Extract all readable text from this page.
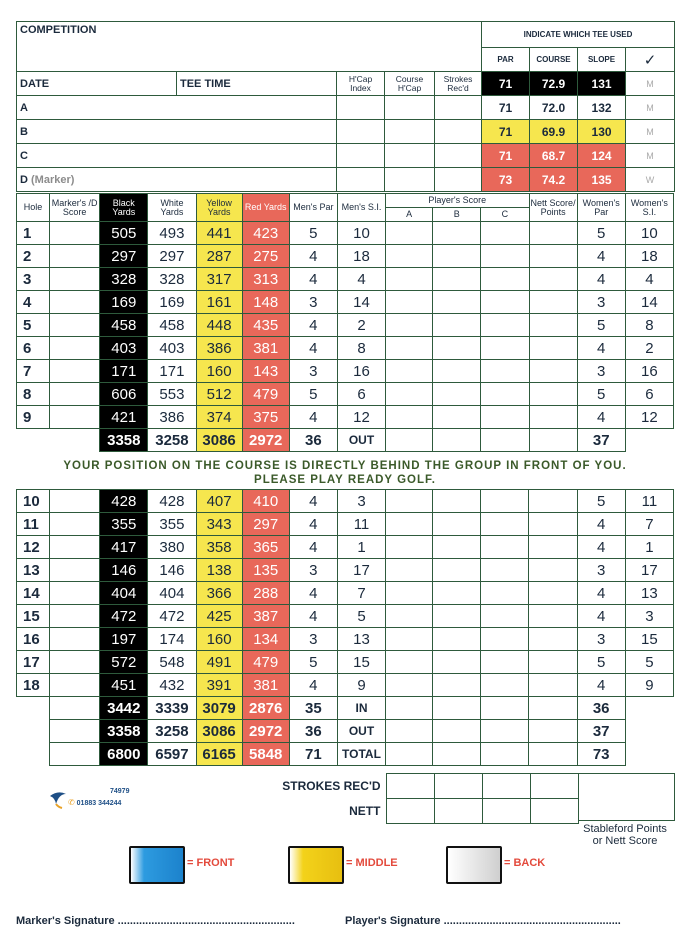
COMPETITION					INDICATE WHICH TEE USED			
					PAR	COURSE	SLOPE	✓
DATE	TEE TIME	H'Cap Index	Course H'Cap	Strokes Rec'd	71	72.9	131	M
A					71	72.0	132	M
B					71	69.9	130	M
C					71	68.7	124	M
D (Marker)					73	74.2	135	W
Hole	Marker's /D Score	Black Yards	White Yards	Yellow Yards	Red Yards	Men's Par	Men's S.I.	Player's Score			Nett Score/ Points	Women's Par	Women's S.I.
								A	B	C			
1		505	493	441	423	5	10					5	10
2		297	297	287	275	4	18					4	18
3		328	328	317	313	4	4					4	4
4		169	169	161	148	3	14					3	14
5		458	458	448	435	4	2					5	8
6		403	403	386	381	4	8					4	2
7		171	171	160	143	3	16					3	16
8		606	553	512	479	5	6					5	6
9		421	386	374	375	4	12					4	12
		3358	3258	3086	2972	36	OUT					37	
YOUR POSITION ON THE COURSE IS DIRECTLY BEHIND THE GROUP IN FRONT OF YOU.
PLEASE PLAY READY GOLF.
10		428	428	407	410	4	3					5	11
11		355	355	343	297	4	11					4	7
12		417	380	358	365	4	1					4	1
13		146	146	138	135	3	17					3	17
14		404	404	366	288	4	7					4	13
15		472	472	425	387	4	5					4	3
16		197	174	160	134	3	13					3	15
17		572	548	491	479	5	15					5	5
18		451	432	391	381	4	9					4	9
		3442	3339	3079	2876	35	IN					36	
		3358	3258	3086	2972	36	OUT					37	
		6800	6597	6165	5848	71	TOTAL					73	
STROKES REC'D				
NETT				
Stableford Points
or Nett Score
74979
✆ 01883 344244
= FRONT	= MIDDLE	= BACK
Marker's Signature ..........................................................	Player's Signature ..........................................................
